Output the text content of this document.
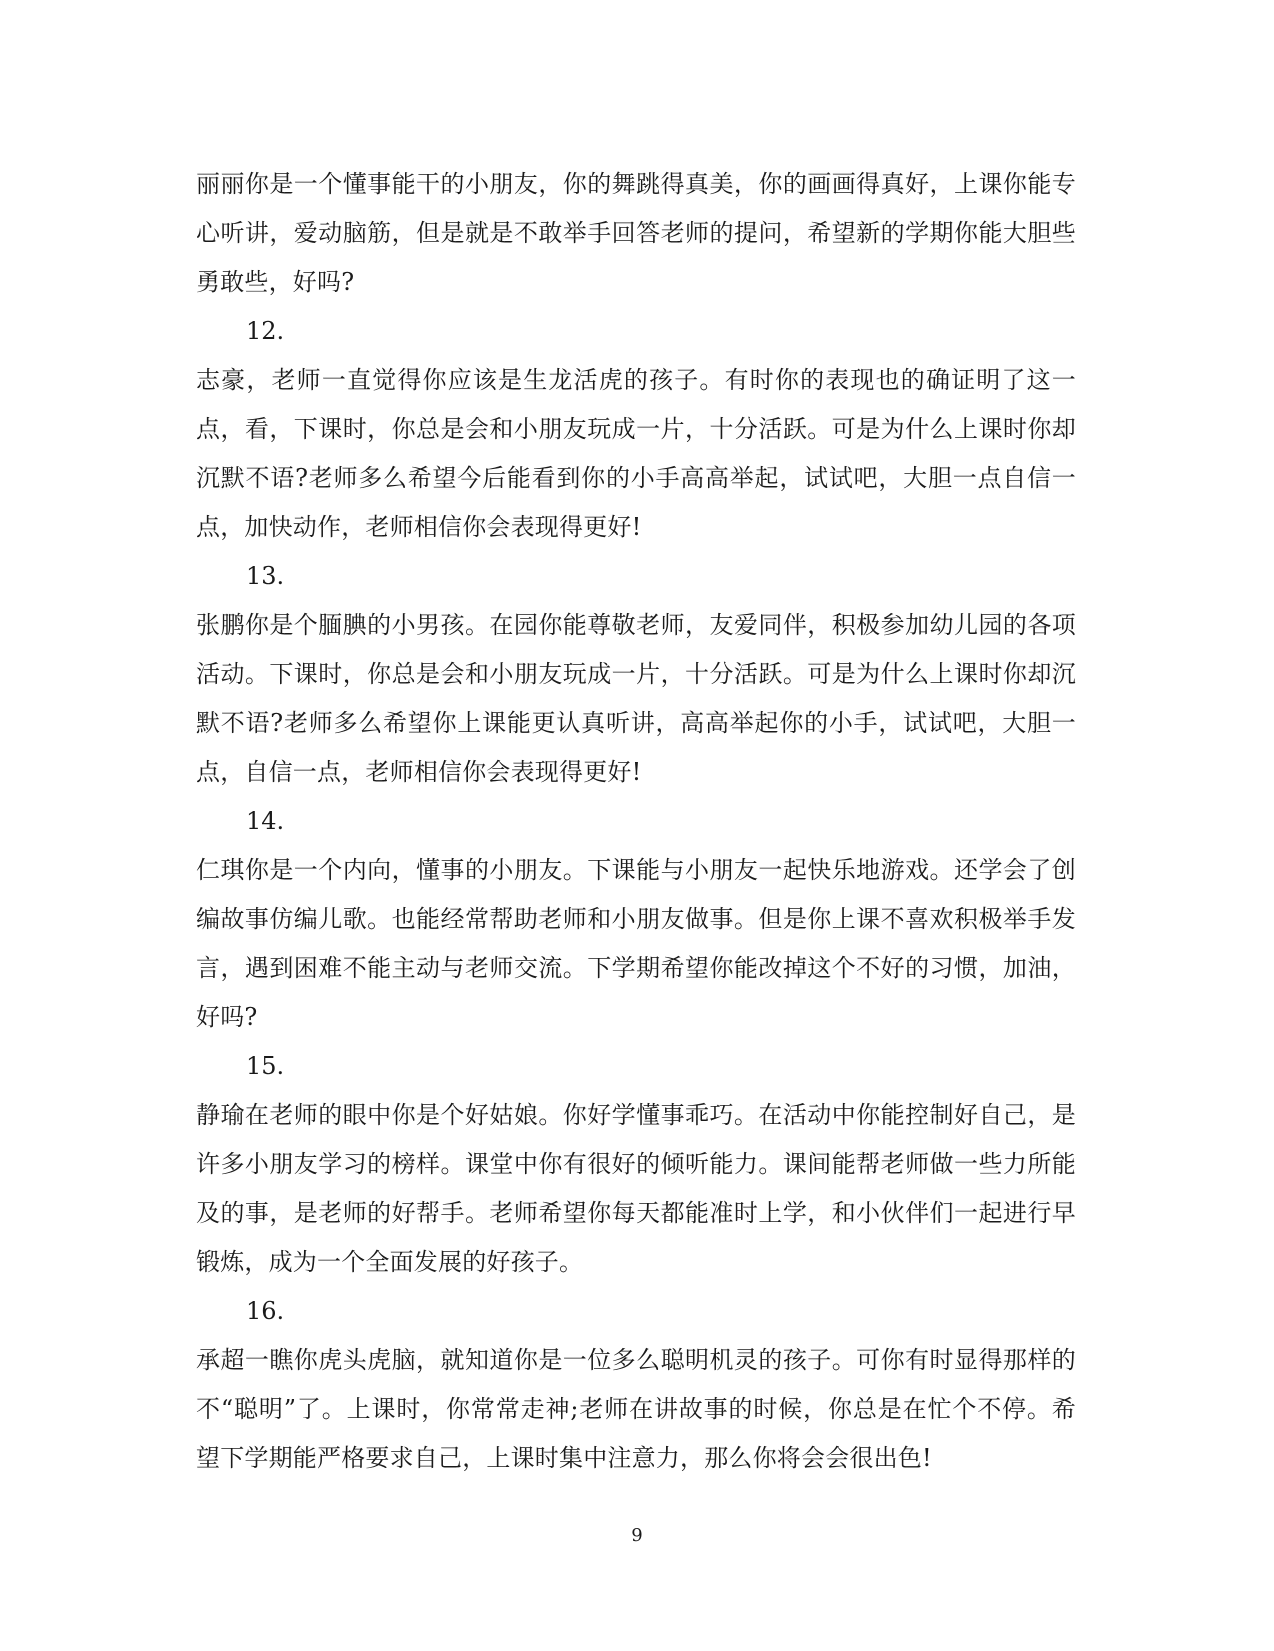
丽丽你是一个懂事能干的小朋友，你的舞跳得真美，你的画画得真好，上课你能专心听讲，爱动脑筋，但是就是不敢举手回答老师的提问，希望新的学期你能大胆些勇敢些，好吗?

12.

志豪，老师一直觉得你应该是生龙活虎的孩子。有时你的表现也的确证明了这一点，看，下课时，你总是会和小朋友玩成一片，十分活跃。可是为什么上课时你却沉默不语?老师多么希望今后能看到你的小手高高举起，试试吧，大胆一点自信一点，加快动作，老师相信你会表现得更好!

13.

张鹏你是个腼腆的小男孩。在园你能尊敬老师，友爱同伴，积极参加幼儿园的各项活动。下课时，你总是会和小朋友玩成一片，十分活跃。可是为什么上课时你却沉默不语?老师多么希望你上课能更认真听讲，高高举起你的小手，试试吧，大胆一点，自信一点，老师相信你会表现得更好!

14.

仁琪你是一个内向，懂事的小朋友。下课能与小朋友一起快乐地游戏。还学会了创编故事仿编儿歌。也能经常帮助老师和小朋友做事。但是你上课不喜欢积极举手发言，遇到困难不能主动与老师交流。下学期希望你能改掉这个不好的习惯，加油，好吗?

15.

静瑜在老师的眼中你是个好姑娘。你好学懂事乖巧。在活动中你能控制好自己，是许多小朋友学习的榜样。课堂中你有很好的倾听能力。课间能帮老师做一些力所能及的事，是老师的好帮手。老师希望你每天都能准时上学，和小伙伴们一起进行早锻炼，成为一个全面发展的好孩子。

16.

承超一瞧你虎头虎脑，就知道你是一位多么聪明机灵的孩子。可你有时显得那样的不“聪明”了。上课时，你常常走神;老师在讲故事的时候，你总是在忙个不停。希望下学期能严格要求自己，上课时集中注意力，那么你将会会很出色!

9
